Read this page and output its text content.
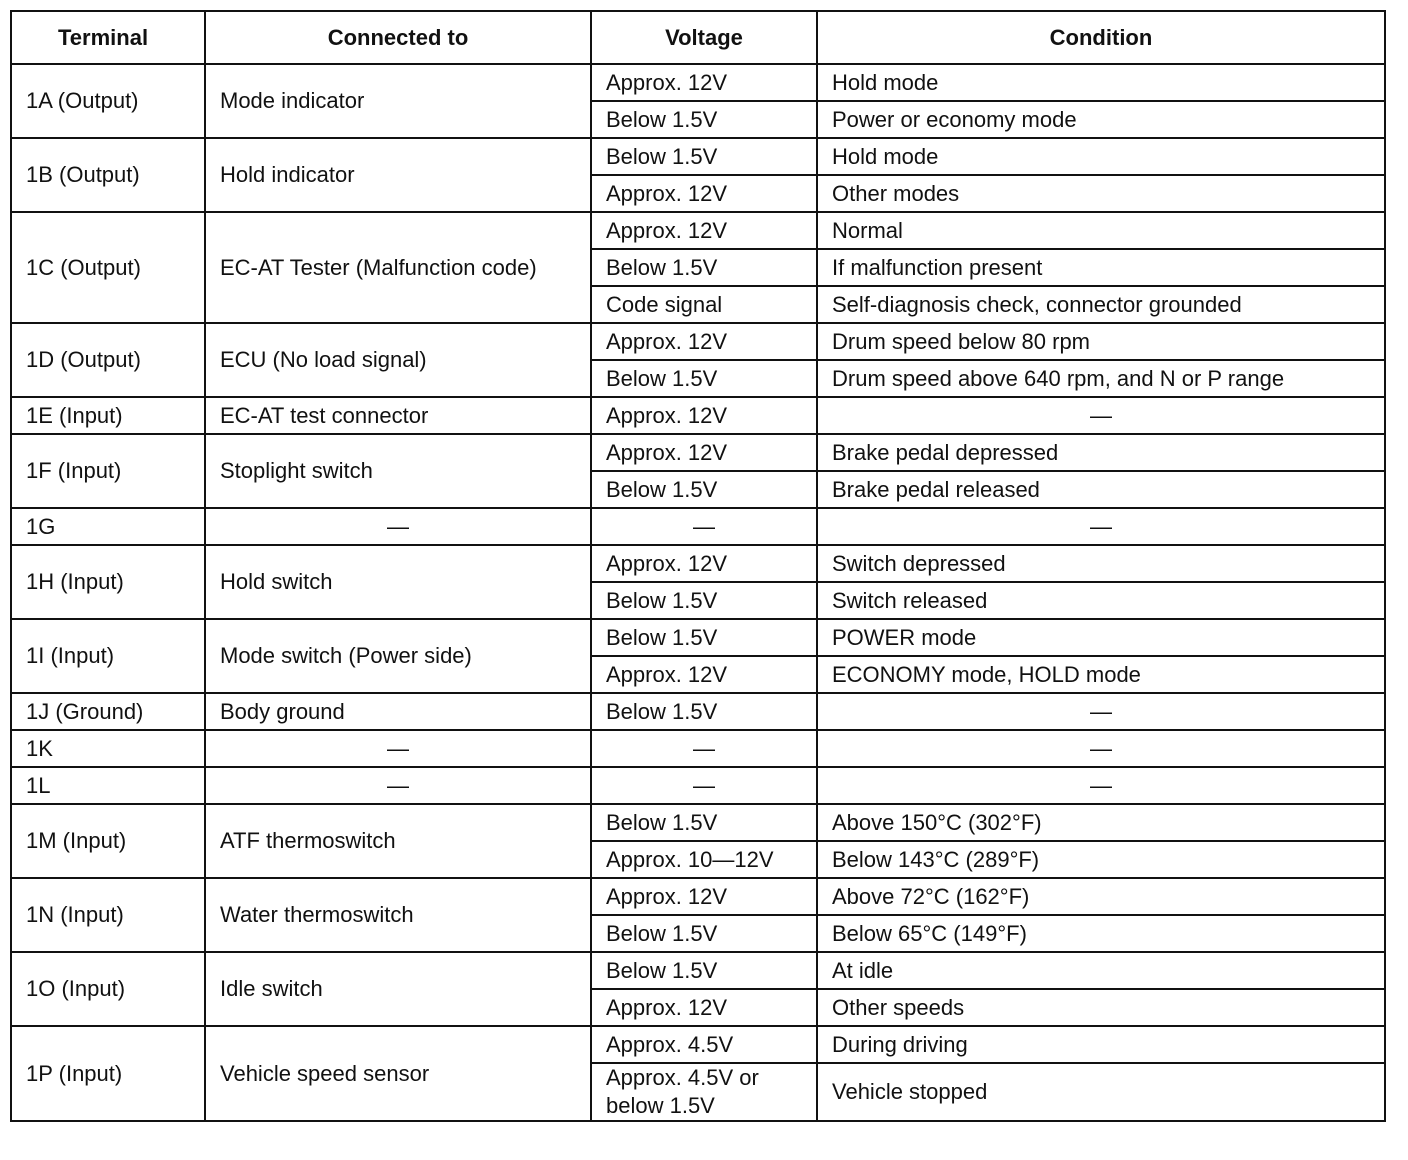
Terminal	Connected to	Voltage	Condition
1A (Output)	Mode indicator	Approx. 12V	Hold mode
		Below 1.5V	Power or economy mode
1B (Output)	Hold indicator	Below 1.5V	Hold mode
		Approx. 12V	Other modes
1C (Output)	EC-AT Tester (Malfunction code)	Approx. 12V	Normal
		Below 1.5V	If malfunction present
		Code signal	Self-diagnosis check, connector grounded
1D (Output)	ECU (No load signal)	Approx. 12V	Drum speed below 80 rpm
		Below 1.5V	Drum speed above 640 rpm, and N or P range
1E (Input)	EC-AT test connector	Approx. 12V	—
1F (Input)	Stoplight switch	Approx. 12V	Brake pedal depressed
		Below 1.5V	Brake pedal released
1G	—	—	—
1H (Input)	Hold switch	Approx. 12V	Switch depressed
		Below 1.5V	Switch released
1I (Input)	Mode switch (Power side)	Below 1.5V	POWER mode
		Approx. 12V	ECONOMY mode, HOLD mode
1J (Ground)	Body ground	Below 1.5V	—
1K	—	—	—
1L	—	—	—
1M (Input)	ATF thermoswitch	Below 1.5V	Above 150°C (302°F)
		Approx. 10—12V	Below 143°C (289°F)
1N (Input)	Water thermoswitch	Approx. 12V	Above 72°C (162°F)
		Below 1.5V	Below 65°C (149°F)
1O (Input)	Idle switch	Below 1.5V	At idle
		Approx. 12V	Other speeds
1P (Input)	Vehicle speed sensor	Approx. 4.5V	During driving
		Approx. 4.5V or below 1.5V	Vehicle stopped
